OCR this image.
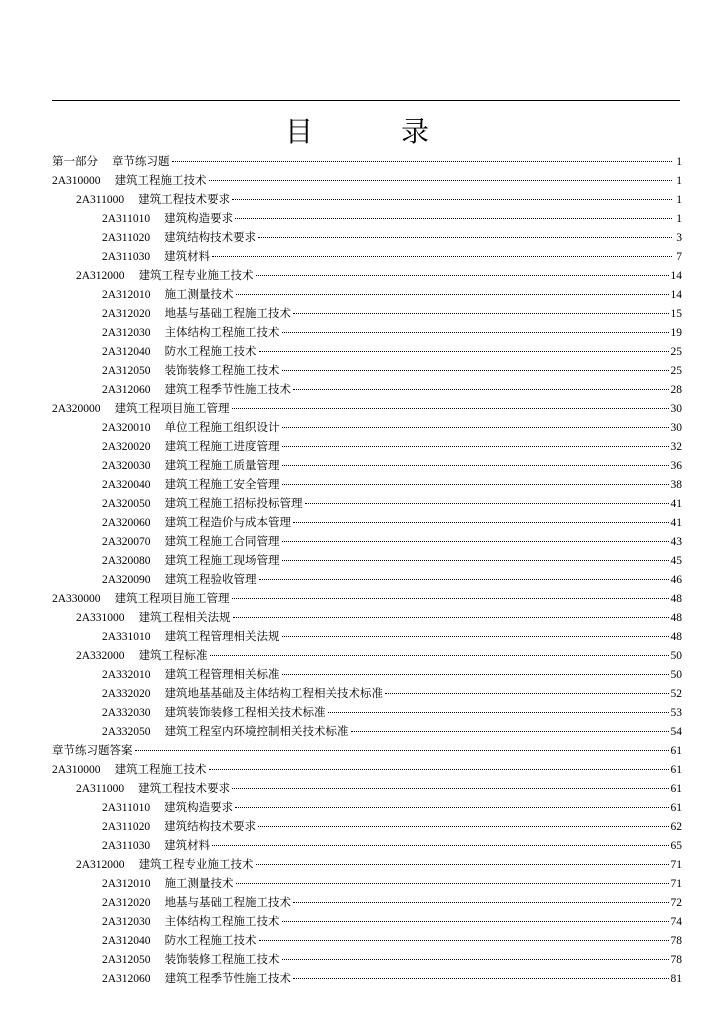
目　录
第一部分 章节练习题	1
2A310000 建筑工程施工技术	1
2A311000 建筑工程技术要求	1
2A311010 建筑构造要求	1
2A311020 建筑结构技术要求	3
2A311030 建筑材料	7
2A312000 建筑工程专业施工技术	14
2A312010 施工测量技术	14
2A312020 地基与基础工程施工技术	15
2A312030 主体结构工程施工技术	19
2A312040 防水工程施工技术	25
2A312050 装饰装修工程施工技术	25
2A312060 建筑工程季节性施工技术	28
2A320000 建筑工程项目施工管理	30
2A320010 单位工程施工组织设计	30
2A320020 建筑工程施工进度管理	32
2A320030 建筑工程施工质量管理	36
2A320040 建筑工程施工安全管理	38
2A320050 建筑工程施工招标投标管理	41
2A320060 建筑工程造价与成本管理	41
2A320070 建筑工程施工合同管理	43
2A320080 建筑工程施工现场管理	45
2A320090 建筑工程验收管理	46
2A330000 建筑工程项目施工管理	48
2A331000 建筑工程相关法规	48
2A331010 建筑工程管理相关法规	48
2A332000 建筑工程标准	50
2A332010 建筑工程管理相关标准	50
2A332020 建筑地基基础及主体结构工程相关技术标准	52
2A332030 建筑装饰装修工程相关技术标准	53
2A332050 建筑工程室内环境控制相关技术标准	54
章节练习题答案	61
2A310000 建筑工程施工技术	61
2A311000 建筑工程技术要求	61
2A311010 建筑构造要求	61
2A311020 建筑结构技术要求	62
2A311030 建筑材料	65
2A312000 建筑工程专业施工技术	71
2A312010 施工测量技术	71
2A312020 地基与基础工程施工技术	72
2A312030 主体结构工程施工技术	74
2A312040 防水工程施工技术	78
2A312050 装饰装修工程施工技术	78
2A312060 建筑工程季节性施工技术	81
